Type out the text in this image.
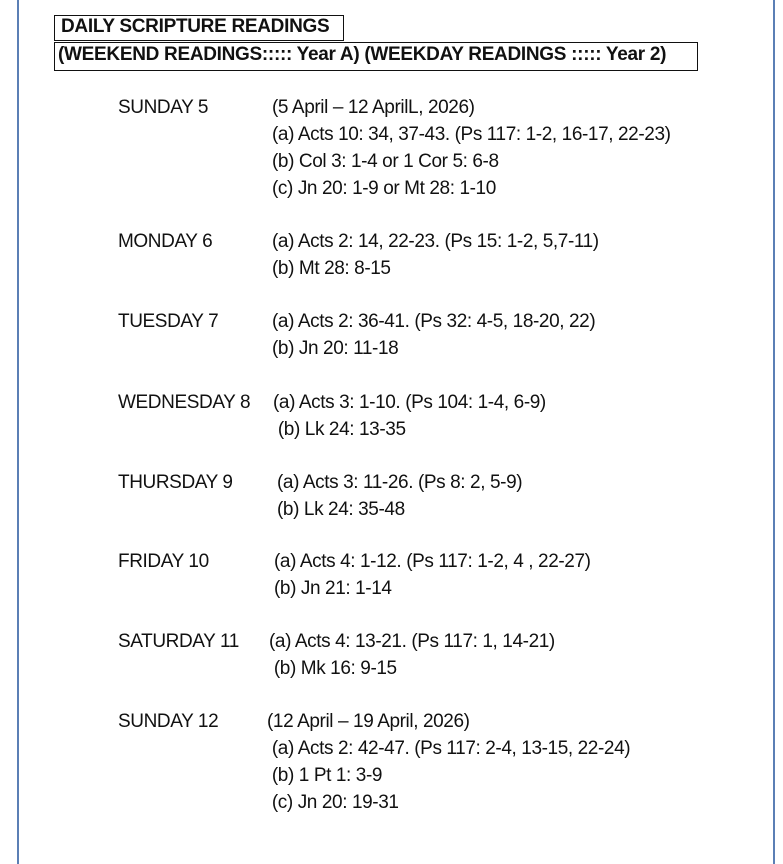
DAILY SCRIPTURE READINGS
(WEEKEND READINGS::::: Year A) (WEEKDAY READINGS ::::: Year 2)
SUNDAY 5	(5 April – 12 AprilL, 2026)
(a) Acts 10: 34, 37-43. (Ps 117: 1-2, 16-17, 22-23)
(b) Col 3: 1-4 or 1 Cor 5: 6-8
(c) Jn 20: 1-9 or Mt 28: 1-10
MONDAY 6	(a) Acts 2: 14, 22-23. (Ps 15: 1-2, 5,7-11)
(b) Mt 28: 8-15
TUESDAY 7	(a) Acts 2: 36-41. (Ps 32: 4-5, 18-20, 22)
(b) Jn 20: 11-18
WEDNESDAY 8 (a) Acts 3: 1-10. (Ps 104: 1-4, 6-9)
(b) Lk 24: 13-35
THURSDAY 9 (a) Acts 3: 11-26. (Ps 8: 2, 5-9)
(b) Lk 24: 35-48
FRIDAY 10	(a) Acts 4: 1-12. (Ps 117: 1-2, 4 , 22-27)
(b) Jn 21: 1-14
SATURDAY 11 (a) Acts 4: 13-21. (Ps 117: 1, 14-21)
(b) Mk 16: 9-15
SUNDAY 12	(12 April – 19 April, 2026)
(a) Acts 2: 42-47. (Ps 117: 2-4, 13-15, 22-24)
(b) 1 Pt 1: 3-9
(c) Jn 20: 19-31
